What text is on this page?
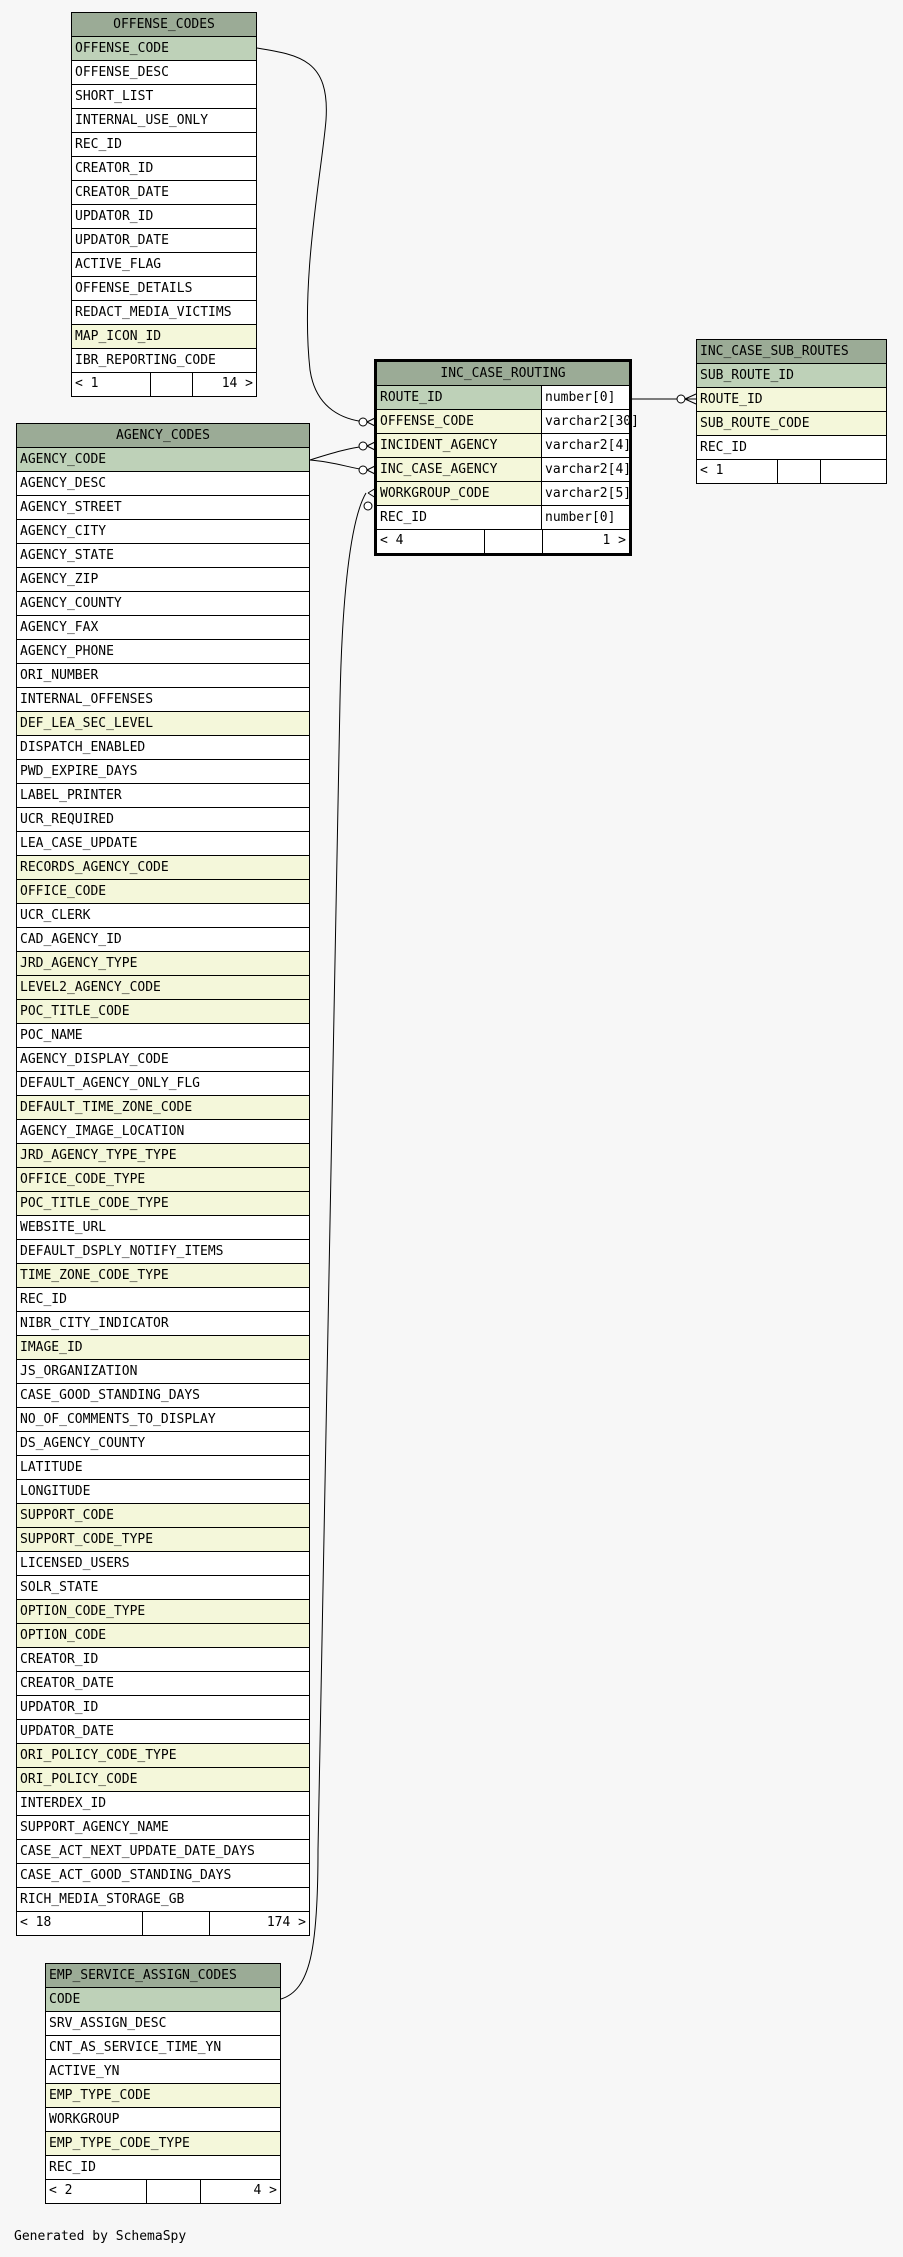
OFFENSE_CODES
OFFENSE_CODE
OFFENSE_DESC
SHORT_LIST
INTERNAL_USE_ONLY
REC_ID
CREATOR_ID
CREATOR_DATE
UPDATOR_ID
UPDATOR_DATE
ACTIVE_FLAG
OFFENSE_DETAILS
REDACT_MEDIA_VICTIMS
MAP_ICON_ID
IBR_REPORTING_CODE
< 1	14 >
AGENCY_CODES
AGENCY_CODE
AGENCY_DESC
AGENCY_STREET
AGENCY_CITY
AGENCY_STATE
AGENCY_ZIP
AGENCY_COUNTY
AGENCY_FAX
AGENCY_PHONE
ORI_NUMBER
INTERNAL_OFFENSES
DEF_LEA_SEC_LEVEL
DISPATCH_ENABLED
PWD_EXPIRE_DAYS
LABEL_PRINTER
UCR_REQUIRED
LEA_CASE_UPDATE
RECORDS_AGENCY_CODE
OFFICE_CODE
UCR_CLERK
CAD_AGENCY_ID
JRD_AGENCY_TYPE
LEVEL2_AGENCY_CODE
POC_TITLE_CODE
POC_NAME
AGENCY_DISPLAY_CODE
DEFAULT_AGENCY_ONLY_FLG
DEFAULT_TIME_ZONE_CODE
AGENCY_IMAGE_LOCATION
JRD_AGENCY_TYPE_TYPE
OFFICE_CODE_TYPE
POC_TITLE_CODE_TYPE
WEBSITE_URL
DEFAULT_DSPLY_NOTIFY_ITEMS
TIME_ZONE_CODE_TYPE
REC_ID
NIBR_CITY_INDICATOR
IMAGE_ID
JS_ORGANIZATION
CASE_GOOD_STANDING_DAYS
NO_OF_COMMENTS_TO_DISPLAY
DS_AGENCY_COUNTY
LATITUDE
LONGITUDE
SUPPORT_CODE
SUPPORT_CODE_TYPE
LICENSED_USERS
SOLR_STATE
OPTION_CODE_TYPE
OPTION_CODE
CREATOR_ID
CREATOR_DATE
UPDATOR_ID
UPDATOR_DATE
ORI_POLICY_CODE_TYPE
ORI_POLICY_CODE
INTERDEX_ID
SUPPORT_AGENCY_NAME
CASE_ACT_NEXT_UPDATE_DATE_DAYS
CASE_ACT_GOOD_STANDING_DAYS
RICH_MEDIA_STORAGE_GB
< 18	174 >
INC_CASE_ROUTING
ROUTE_ID	number[0]
OFFENSE_CODE	varchar2[30]
INCIDENT_AGENCY	varchar2[4]
INC_CASE_AGENCY	varchar2[4]
WORKGROUP_CODE	varchar2[5]
REC_ID	number[0]
< 4	1 >
INC_CASE_SUB_ROUTES
SUB_ROUTE_ID
ROUTE_ID
SUB_ROUTE_CODE
REC_ID
< 1
EMP_SERVICE_ASSIGN_CODES
CODE
SRV_ASSIGN_DESC
CNT_AS_SERVICE_TIME_YN
ACTIVE_YN
EMP_TYPE_CODE
WORKGROUP
EMP_TYPE_CODE_TYPE
REC_ID
< 2	4 >
Generated by SchemaSpy
